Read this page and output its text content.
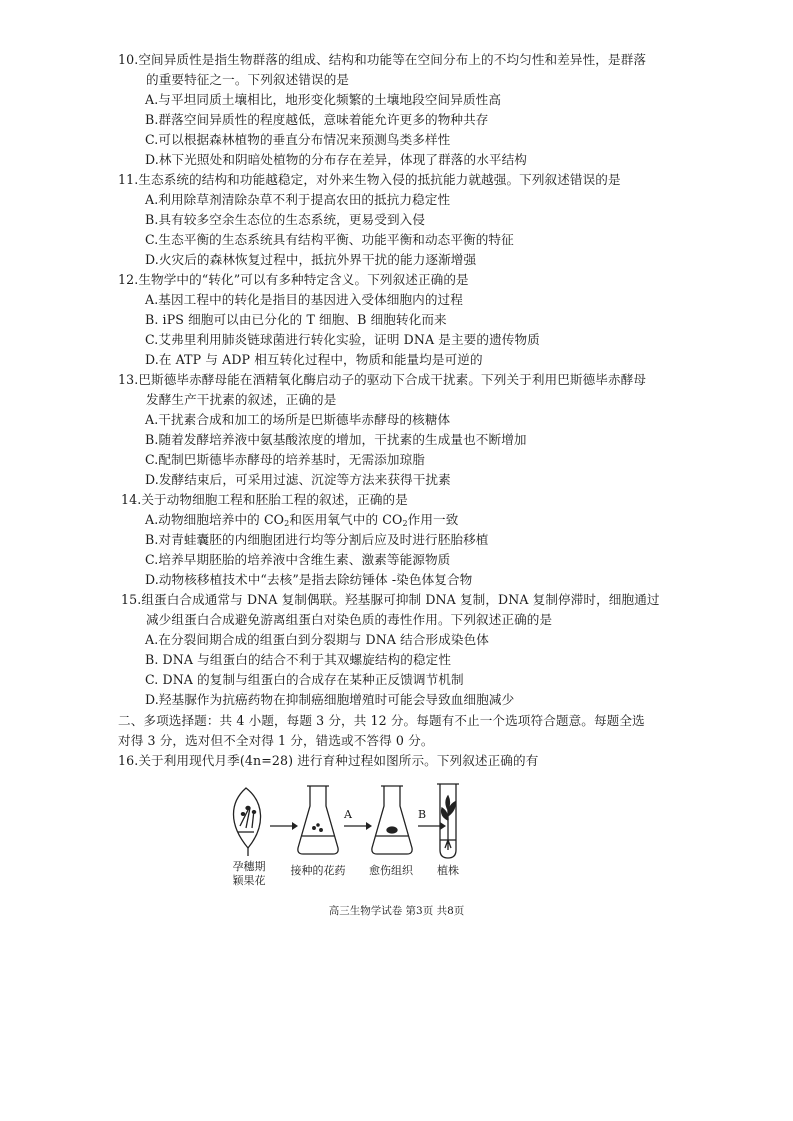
10.空间异质性是指生物群落的组成、结构和功能等在空间分布上的不均匀性和差异性，是群落
的重要特征之一。下列叙述错误的是
A.与平坦同质土壤相比，地形变化频繁的土壤地段空间异质性高
B.群落空间异质性的程度越低，意味着能允许更多的物种共存
C.可以根据森林植物的垂直分布情况来预测鸟类多样性
D.林下光照处和阴暗处植物的分布存在差异，体现了群落的水平结构
11.生态系统的结构和功能越稳定，对外来生物入侵的抵抗能力就越强。下列叙述错误的是
A.利用除草剂清除杂草不利于提高农田的抵抗力稳定性
B.具有较多空余生态位的生态系统，更易受到入侵
C.生态平衡的生态系统具有结构平衡、功能平衡和动态平衡的特征
D.火灾后的森林恢复过程中，抵抗外界干扰的能力逐渐增强
12.生物学中的“转化”可以有多种特定含义。下列叙述正确的是
A.基因工程中的转化是指目的基因进入受体细胞内的过程
B. iPS 细胞可以由已分化的 T 细胞、B 细胞转化而来
C.艾弗里利用肺炎链球菌进行转化实验，证明 DNA 是主要的遗传物质
D.在 ATP 与 ADP 相互转化过程中，物质和能量均是可逆的
13.巴斯德毕赤酵母能在酒精氧化酶启动子的驱动下合成干扰素。下列关于利用巴斯德毕赤酵母
发酵生产干扰素的叙述，正确的是
A.干扰素合成和加工的场所是巴斯德毕赤酵母的核糖体
B.随着发酵培养液中氨基酸浓度的增加，干扰素的生成量也不断增加
C.配制巴斯德毕赤酵母的培养基时，无需添加琼脂
D.发酵结束后，可采用过滤、沉淀等方法来获得干扰素
14.关于动物细胞工程和胚胎工程的叙述，正确的是
A.动物细胞培养中的 $CO_2$和医用氧气中的 $CO_2$作用一致
B.对青蛙囊胚的内细胞团进行均等分割后应及时进行胚胎移植
C.培养早期胚胎的培养液中含维生素、激素等能源物质
D.动物核移植技术中“去核”是指去除纺锤体 -染色体复合物
15.组蛋白合成通常与 DNA 复制偶联。羟基脲可抑制 DNA 复制，DNA 复制停滞时，细胞通过
减少组蛋白合成避免游离组蛋白对染色质的毒性作用。下列叙述正确的是
A.在分裂间期合成的组蛋白到分裂期与 DNA 结合形成染色体
B. DNA 与组蛋白的结合不利于其双螺旋结构的稳定性
C. DNA 的复制与组蛋白的合成存在某种正反馈调节机制
D.羟基脲作为抗癌药物在抑制癌细胞增殖时可能会导致血细胞减少
二、多项选择题：共 4 小题，每题 3 分，共 12 分。每题有不止一个选项符合题意。每题全选
对得 3 分，选对但不全对得 1 分，错选或不答得 0 分。
16.关于利用现代月季(4n=28) 进行育种过程如图所示。下列叙述正确的有
A	B
孕穗期
颖果花
接种的花药	愈伤组织	植株
高三生物学试卷 第3页 共8页
